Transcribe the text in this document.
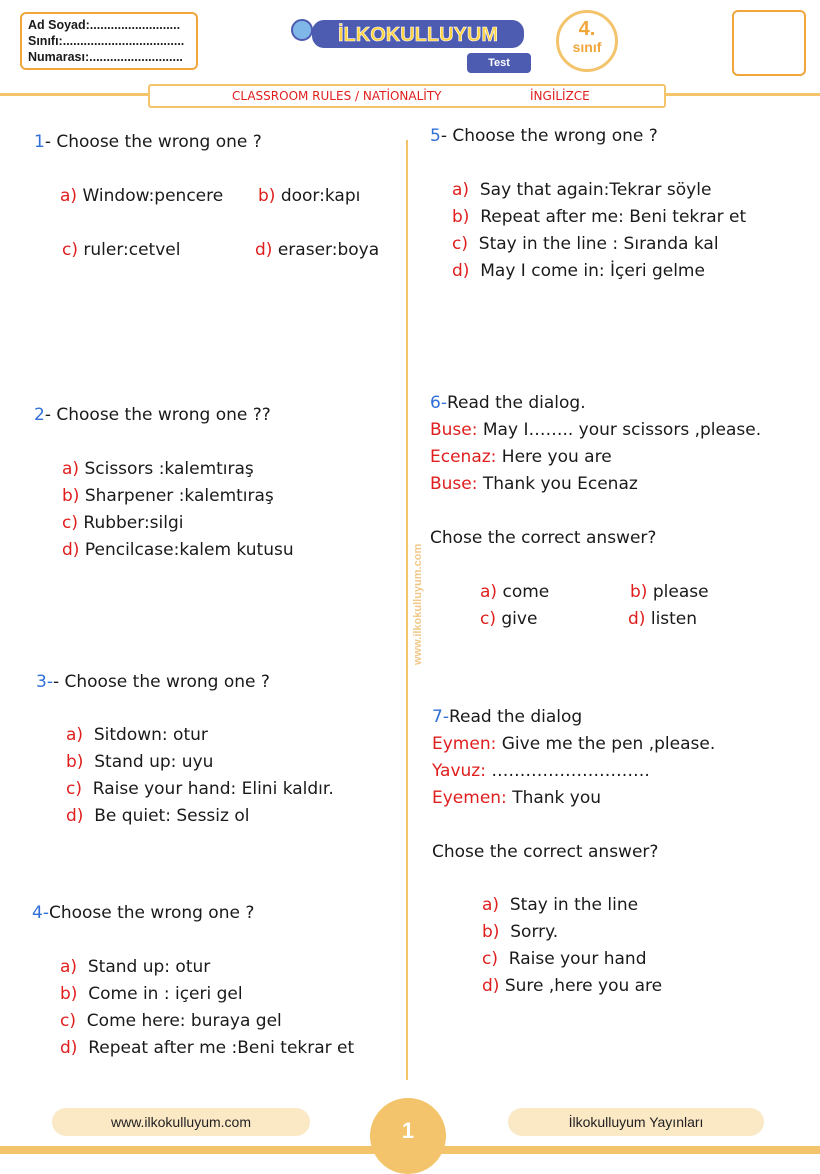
Ad Soyad:..........................
Sınıfı:...................................
Numarası:...........................
İLKOKULLUYUM
Test
4.
sınıf
CLASSROOM RULES / NATİONALİTY	İNGİLİZCE
www.ilkokulluyum.com
1- Choose the wrong one ?
a) Window:pencere b) door:kapı
c) ruler:cetvel	d) eraser:boya
2- Choose the wrong one ??
a) Scissors :kalemtıraş
b) Sharpener :kalemtıraş
c) Rubber:silgi
d) Pencilcase:kalem kutusu
3-- Choose the wrong one ?
a) Sitdown: otur
b) Stand up: uyu
c) Raise your hand: Elini kaldır.
d) Be quiet: Sessiz ol
4-Choose the wrong one ?
a) Stand up: otur
b) Come in : içeri gel
c) Come here: buraya gel
d) Repeat after me :Beni tekrar et
5- Choose the wrong one ?
a) Say that again:Tekrar söyle
b) Repeat after me: Beni tekrar et
c) Stay in the line : Sıranda kal
d) May I come in: İçeri gelme
6-Read the dialog.
Buse: May I…….. your scissors ,please.
Ecenaz: Here you are
Buse: Thank you Ecenaz
Chose the correct answer?
a) come	b) please
c) give	d) listen
7-Read the dialog
Eymen: Give me the pen ,please.
Yavuz: ……………………….
Eyemen: Thank you
Chose the correct answer?
a) Stay in the line
b) Sorry.
c) Raise your hand
d) Sure ,here you are
www.ilkokulluyum.com	İlkokulluyum Yayınları
1
